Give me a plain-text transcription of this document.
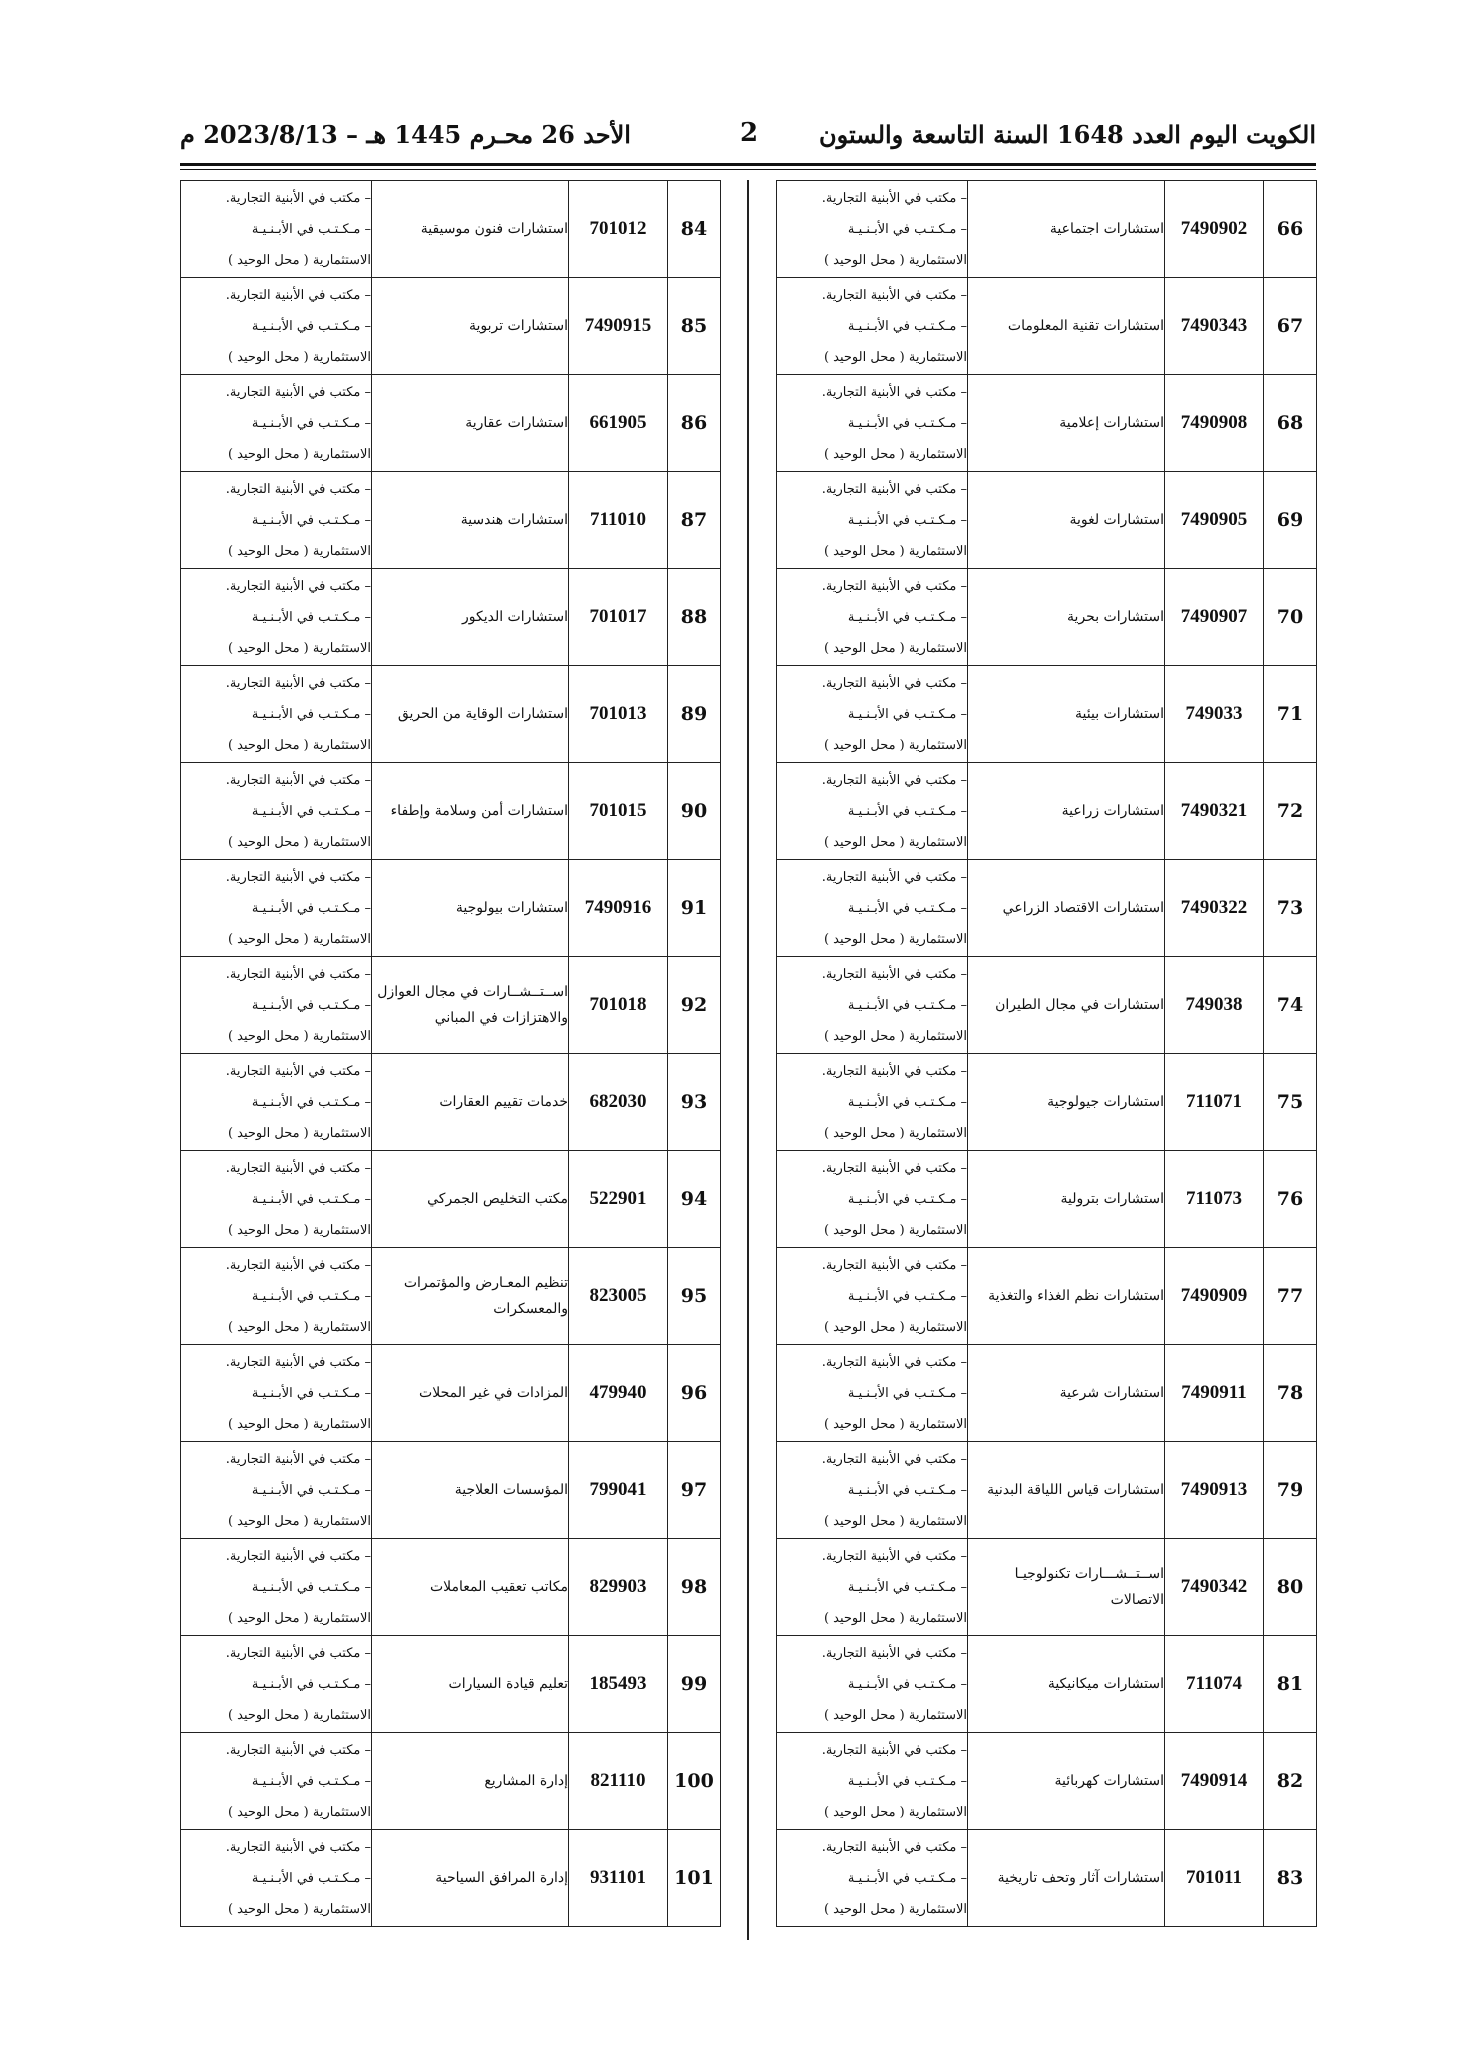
الكويت اليوم العدد 1648 السنة التاسعة والستون
2
الأحد 26 محـرم 1445 هـ – 2023/8/13 م
66	7490902	استشارات اجتماعية	– مكتب في الأبنية التجارية.
– مـكـتـب في الأبـنـيـة
الاستثمارية ( محل الوحيد )

67	7490343	استشارات تقنية المعلومات	– مكتب في الأبنية التجارية.
– مـكـتـب في الأبـنـيـة
الاستثمارية ( محل الوحيد )

68	7490908	استشارات إعلامية	– مكتب في الأبنية التجارية.
– مـكـتـب في الأبـنـيـة
الاستثمارية ( محل الوحيد )

69	7490905	استشارات لغوية	– مكتب في الأبنية التجارية.
– مـكـتـب في الأبـنـيـة
الاستثمارية ( محل الوحيد )

70	7490907	استشارات بحرية	– مكتب في الأبنية التجارية.
– مـكـتـب في الأبـنـيـة
الاستثمارية ( محل الوحيد )

71	749033	استشارات بيئية	– مكتب في الأبنية التجارية.
– مـكـتـب في الأبـنـيـة
الاستثمارية ( محل الوحيد )

72	7490321	استشارات زراعية	– مكتب في الأبنية التجارية.
– مـكـتـب في الأبـنـيـة
الاستثمارية ( محل الوحيد )

73	7490322	استشارات الاقتصاد الزراعي	– مكتب في الأبنية التجارية.
– مـكـتـب في الأبـنـيـة
الاستثمارية ( محل الوحيد )

74	749038	استشارات في مجال الطيران	– مكتب في الأبنية التجارية.
– مـكـتـب في الأبـنـيـة
الاستثمارية ( محل الوحيد )

75	711071	استشارات جيولوجية	– مكتب في الأبنية التجارية.
– مـكـتـب في الأبـنـيـة
الاستثمارية ( محل الوحيد )

76	711073	استشارات بترولية	– مكتب في الأبنية التجارية.
– مـكـتـب في الأبـنـيـة
الاستثمارية ( محل الوحيد )

77	7490909	استشارات نظم الغذاء والتغذية	– مكتب في الأبنية التجارية.
– مـكـتـب في الأبـنـيـة
الاستثمارية ( محل الوحيد )

78	7490911	استشارات شرعية	– مكتب في الأبنية التجارية.
– مـكـتـب في الأبـنـيـة
الاستثمارية ( محل الوحيد )

79	7490913	استشارات قياس اللياقة البدنية	– مكتب في الأبنية التجارية.
– مـكـتـب في الأبـنـيـة
الاستثمارية ( محل الوحيد )

80	7490342	اســتــشـــارات تكنولوجيـا الاتصالات	– مكتب في الأبنية التجارية.
– مـكـتـب في الأبـنـيـة
الاستثمارية ( محل الوحيد )

81	711074	استشارات ميكانيكية	– مكتب في الأبنية التجارية.
– مـكـتـب في الأبـنـيـة
الاستثمارية ( محل الوحيد )

82	7490914	استشارات كهربائية	– مكتب في الأبنية التجارية.
– مـكـتـب في الأبـنـيـة
الاستثمارية ( محل الوحيد )

83	701011	استشارات آثار وتحف تاريخية	– مكتب في الأبنية التجارية.
– مـكـتـب في الأبـنـيـة
الاستثمارية ( محل الوحيد )
84	701012	استشارات فنون موسيقية	– مكتب في الأبنية التجارية.
– مـكـتـب في الأبـنـيـة
الاستثمارية ( محل الوحيد )

85	7490915	استشارات تربوية	– مكتب في الأبنية التجارية.
– مـكـتـب في الأبـنـيـة
الاستثمارية ( محل الوحيد )

86	661905	استشارات عقارية	– مكتب في الأبنية التجارية.
– مـكـتـب في الأبـنـيـة
الاستثمارية ( محل الوحيد )

87	711010	استشارات هندسية	– مكتب في الأبنية التجارية.
– مـكـتـب في الأبـنـيـة
الاستثمارية ( محل الوحيد )

88	701017	استشارات الديكور	– مكتب في الأبنية التجارية.
– مـكـتـب في الأبـنـيـة
الاستثمارية ( محل الوحيد )

89	701013	استشارات الوقاية من الحريق	– مكتب في الأبنية التجارية.
– مـكـتـب في الأبـنـيـة
الاستثمارية ( محل الوحيد )

90	701015	استشارات أمن وسلامة وإطفاء	– مكتب في الأبنية التجارية.
– مـكـتـب في الأبـنـيـة
الاستثمارية ( محل الوحيد )

91	7490916	استشارات بيولوجية	– مكتب في الأبنية التجارية.
– مـكـتـب في الأبـنـيـة
الاستثمارية ( محل الوحيد )

92	701018	اســتــشــارات في مجال العوازل والاهتزازات في المباني	– مكتب في الأبنية التجارية.
– مـكـتـب في الأبـنـيـة
الاستثمارية ( محل الوحيد )

93	682030	خدمات تقييم العقارات	– مكتب في الأبنية التجارية.
– مـكـتـب في الأبـنـيـة
الاستثمارية ( محل الوحيد )

94	522901	مكتب التخليص الجمركي	– مكتب في الأبنية التجارية.
– مـكـتـب في الأبـنـيـة
الاستثمارية ( محل الوحيد )

95	823005	تنظيم المعـارض والمؤتمرات والمعسكرات	– مكتب في الأبنية التجارية.
– مـكـتـب في الأبـنـيـة
الاستثمارية ( محل الوحيد )

96	479940	المزادات في غير المحلات	– مكتب في الأبنية التجارية.
– مـكـتـب في الأبـنـيـة
الاستثمارية ( محل الوحيد )

97	799041	المؤسسات العلاجية	– مكتب في الأبنية التجارية.
– مـكـتـب في الأبـنـيـة
الاستثمارية ( محل الوحيد )

98	829903	مكاتب تعقيب المعاملات	– مكتب في الأبنية التجارية.
– مـكـتـب في الأبـنـيـة
الاستثمارية ( محل الوحيد )

99	185493	تعليم قيادة السيارات	– مكتب في الأبنية التجارية.
– مـكـتـب في الأبـنـيـة
الاستثمارية ( محل الوحيد )

100	821110	إدارة المشاريع	– مكتب في الأبنية التجارية.
– مـكـتـب في الأبـنـيـة
الاستثمارية ( محل الوحيد )

101	931101	إدارة المرافق السياحية	– مكتب في الأبنية التجارية.
– مـكـتـب في الأبـنـيـة
الاستثمارية ( محل الوحيد )
